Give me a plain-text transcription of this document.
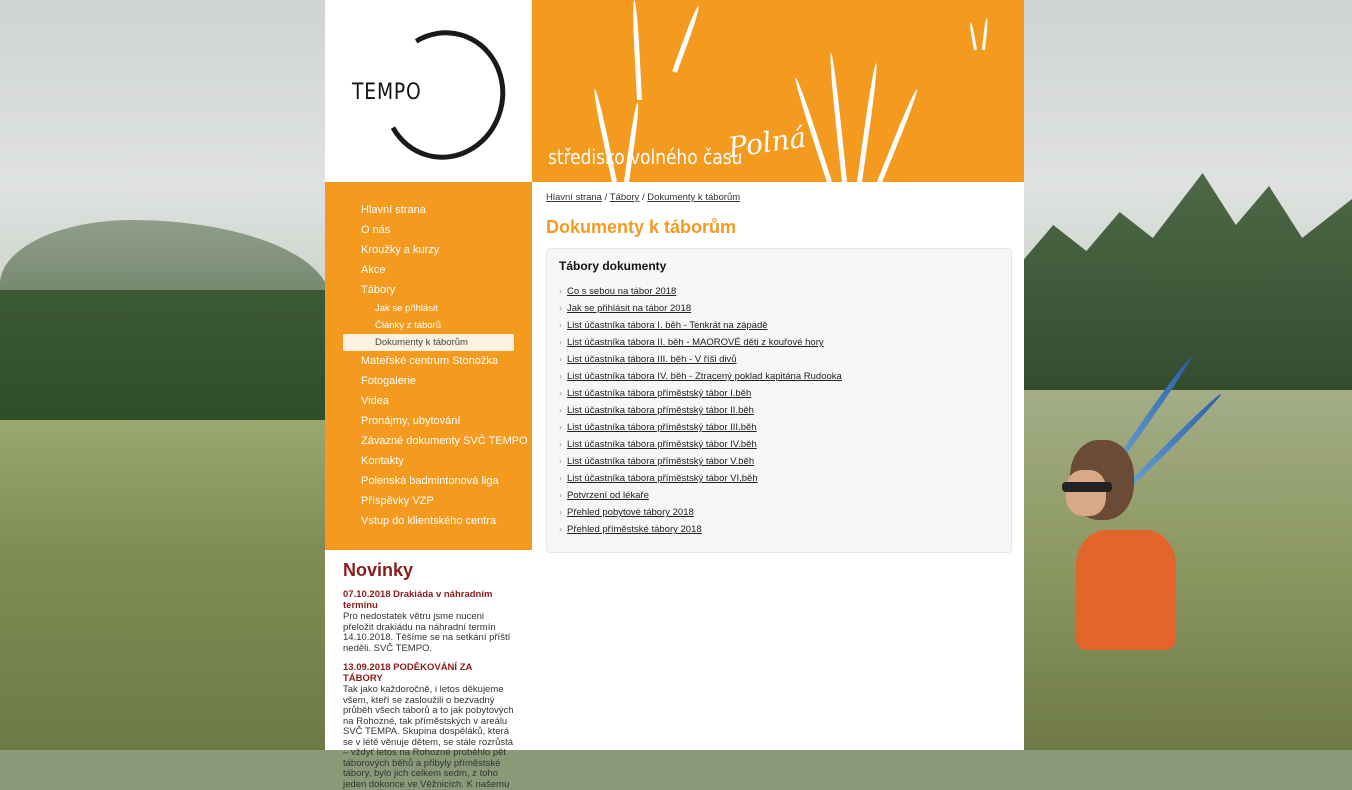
TEMPO
středisko volného času
Polná
Hlavní strana
O nás
Kroužky a kurzy
Akce
Tábory
Jak se přihlásit
Články z táborů
Dokumenty k táborům
Mateřské centrum Stonožka
Fotogalerie
Videa
Pronájmy, ubytování
Závazné dokumenty SVČ TEMPO
Kontakty
Polenská badmintonová liga
Příspěvky VZP
Vstup do klientského centra
Novinky
07.10.2018 Drakiáda v náhradním termínu
Pro nedostatek větru jsme nuceni přeložit drakiádu na náhradní termín 14.10.2018. Těšíme se na setkání příští neděli. SVČ TEMPO.
13.09.2018 PODĚKOVÁNÍ ZA TÁBORY
Tak jako každoročně, i letos děkujeme všem, kteří se zasloužili o bezvadný průběh všech táborů a to jak pobytových na Rohozné, tak příměstských v areálu SVČ TEMPA. Skupina dospěláků, která se v létě věnuje dětem, se stále rozrůstá – vždyť letos na Rohozné proběhlo pět táborových běhů a přibyly příměstské tábory, bylo jich celkem sedm, z toho jeden dokonce ve Věžnicích. K našemu
Hlavní strana / Tábory / Dokumenty k táborům
Dokumenty k táborům
Tábory dokumenty
› Co s sebou na tábor 2018
› Jak se přihlásit na tábor 2018
› List účastníka tábora I. běh - Tenkrát na západě
› List účastníka tábora II. běh - MAOROVÉ děti z kouřové hory
› List účastníka tábora III. běh - V říši divů
› List účastníka tábora IV. běh - Ztracený poklad kapitána Rudooka
› List účastníka tábora příměstský tábor I.běh
› List účastníka tábora příměstský tábor II.běh
› List účastníka tábora příměstský tábor III.běh
› List účastníka tábora příměstský tábor IV.běh
› List účastníka tábora příměstský tábor V.běh
› List účastníka tábora příměstský tábor VI.běh
› Potvrzení od lékaře
› Přehled pobytové tábory 2018
› Přehled příměstské tábory 2018
